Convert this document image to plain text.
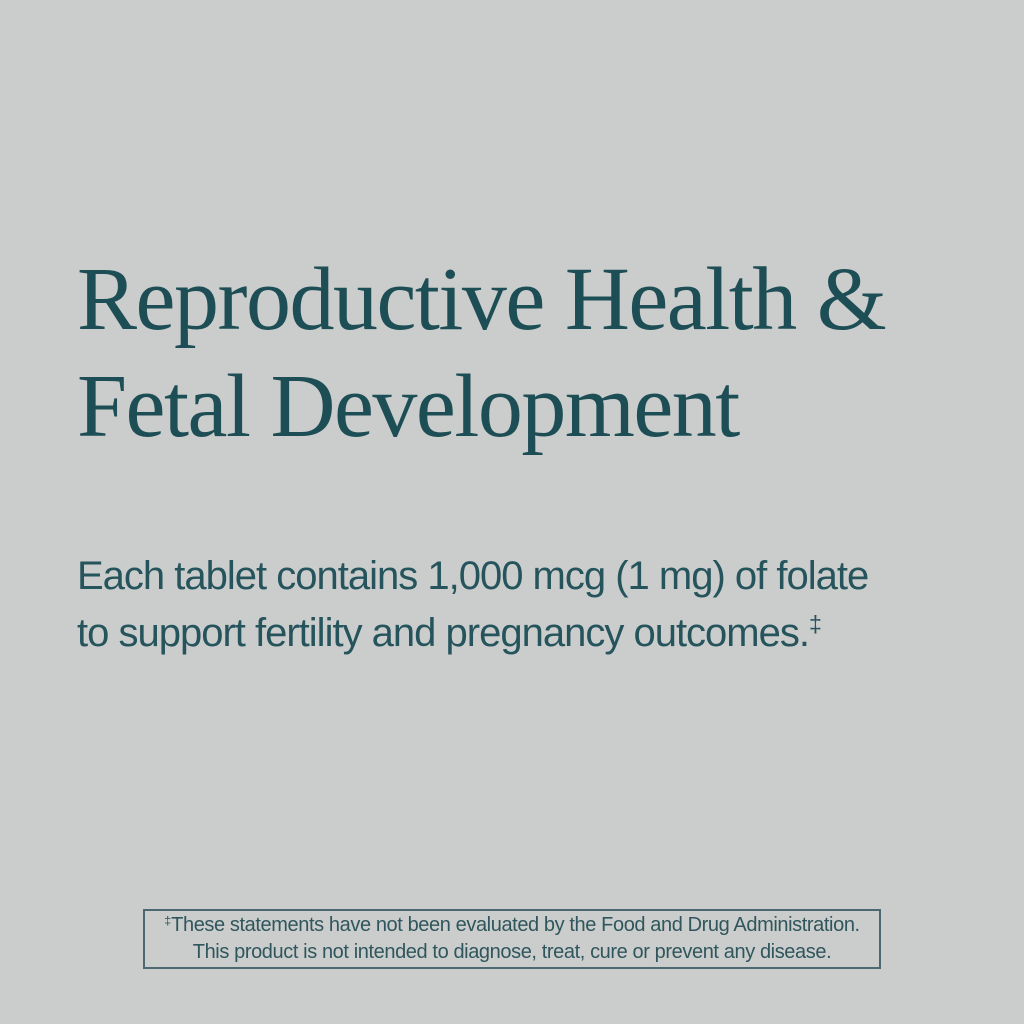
Reproductive Health &
Fetal Development
Each tablet contains 1,000 mcg (1 mg) of folate
to support fertility and pregnancy outcomes.‡
‡These statements have not been evaluated by the Food and Drug Administration.
This product is not intended to diagnose, treat, cure or prevent any disease.
